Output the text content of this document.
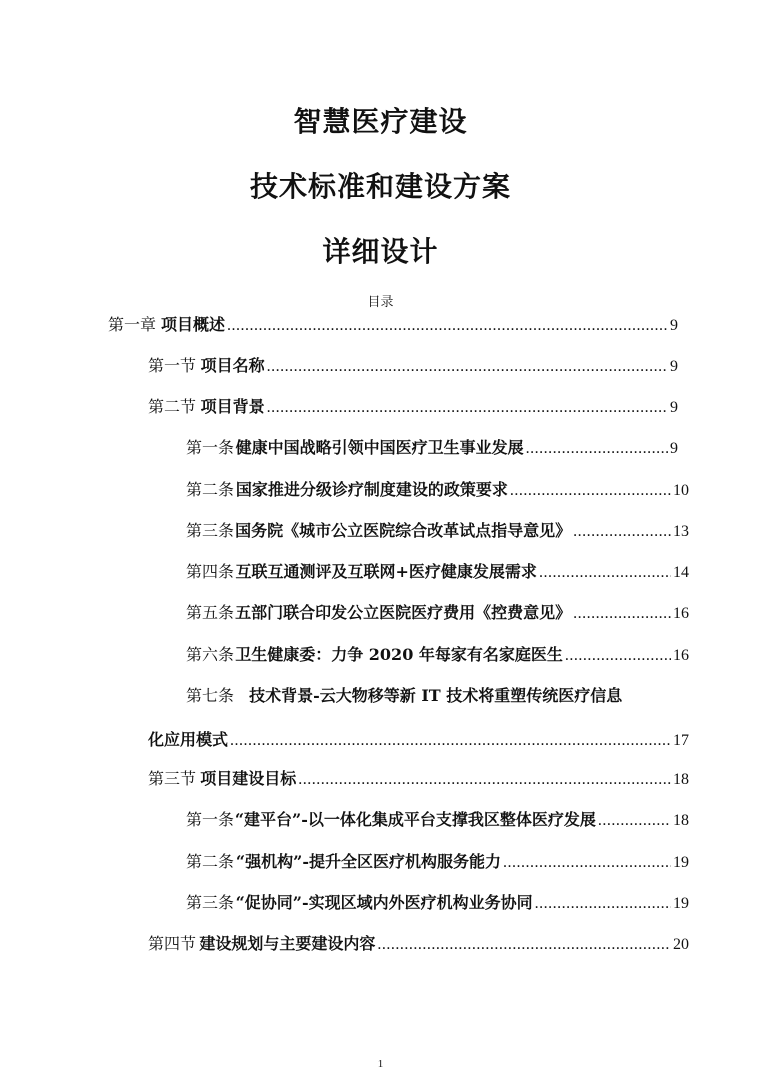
智慧医疗建设
技术标准和建设方案
详细设计
目录
第一章 项目概述 .....	9
第一节 项目名称 .....	9
第二节 项目背景 .....	9
第一条 健康中国战略引领中国医疗卫生事业发展 .....	9
第二条 国家推进分级诊疗制度建设的政策要求 .....	10
第三条 国务院《城市公立医院综合改革试点指导意见》 .....	13
第四条 互联互通测评及互联网+医疗健康发展需求 .....	14
第五条 五部门联合印发公立医院医疗费用《控费意见》 .....	16
第六条 卫生健康委：力争 2020 年每家有名家庭医生 .....	16
第七条 技术背景-云大物移等新 IT 技术将重塑传统医疗信息
化应用模式 .....	17
第三节 项目建设目标 .....	18
第一条 “建平台”-以一体化集成平台支撑我区整体医疗发展 .....	18
第二条 “强机构”-提升全区医疗机构服务能力 .....	19
第三条 “促协同”-实现区域内外医疗机构业务协同 .....	19
第四节 建设规划与主要建设内容 .....	20
1
